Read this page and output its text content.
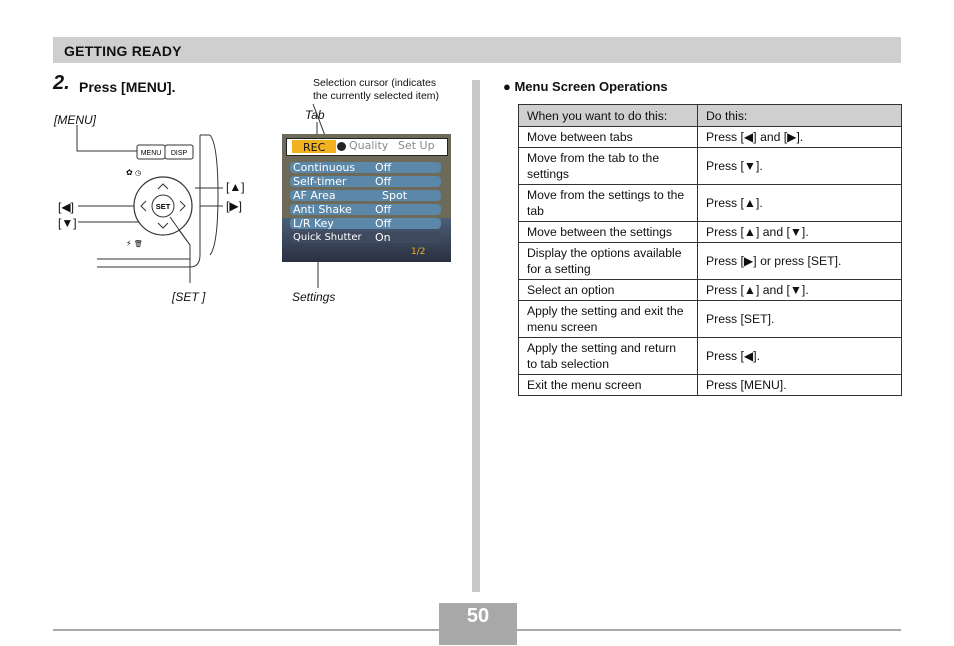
GETTING READY
2. Press [MENU].
MENU DISP
✿ ◷
⚡ 🗑
SET
[MENU]
[◀]
[▼]
[▲]
[▶]
[SET ]
Selection cursor (indicates
the currently selected item)
Tab
Settings
REC Quality Set Up
Continuous Off
Self-timer	Off
AF Area	Spot
Anti Shake Off
L/R Key	Off
Quick Shutter On
1/2
● Menu Screen Operations
When you want to do this:	Do this:
Move between tabs	Press [◀] and [▶].
Move from the tab to the settings	Press [▼].
Move from the settings to the tab	Press [▲].
Move between the settings	Press [▲] and [▼].
Display the options available for a setting	Press [▶] or press [SET].
Select an option	Press [▲] and [▼].
Apply the setting and exit the menu screen	Press [SET].
Apply the setting and return to tab selection	Press [◀].
Exit the menu screen	Press [MENU].
50
